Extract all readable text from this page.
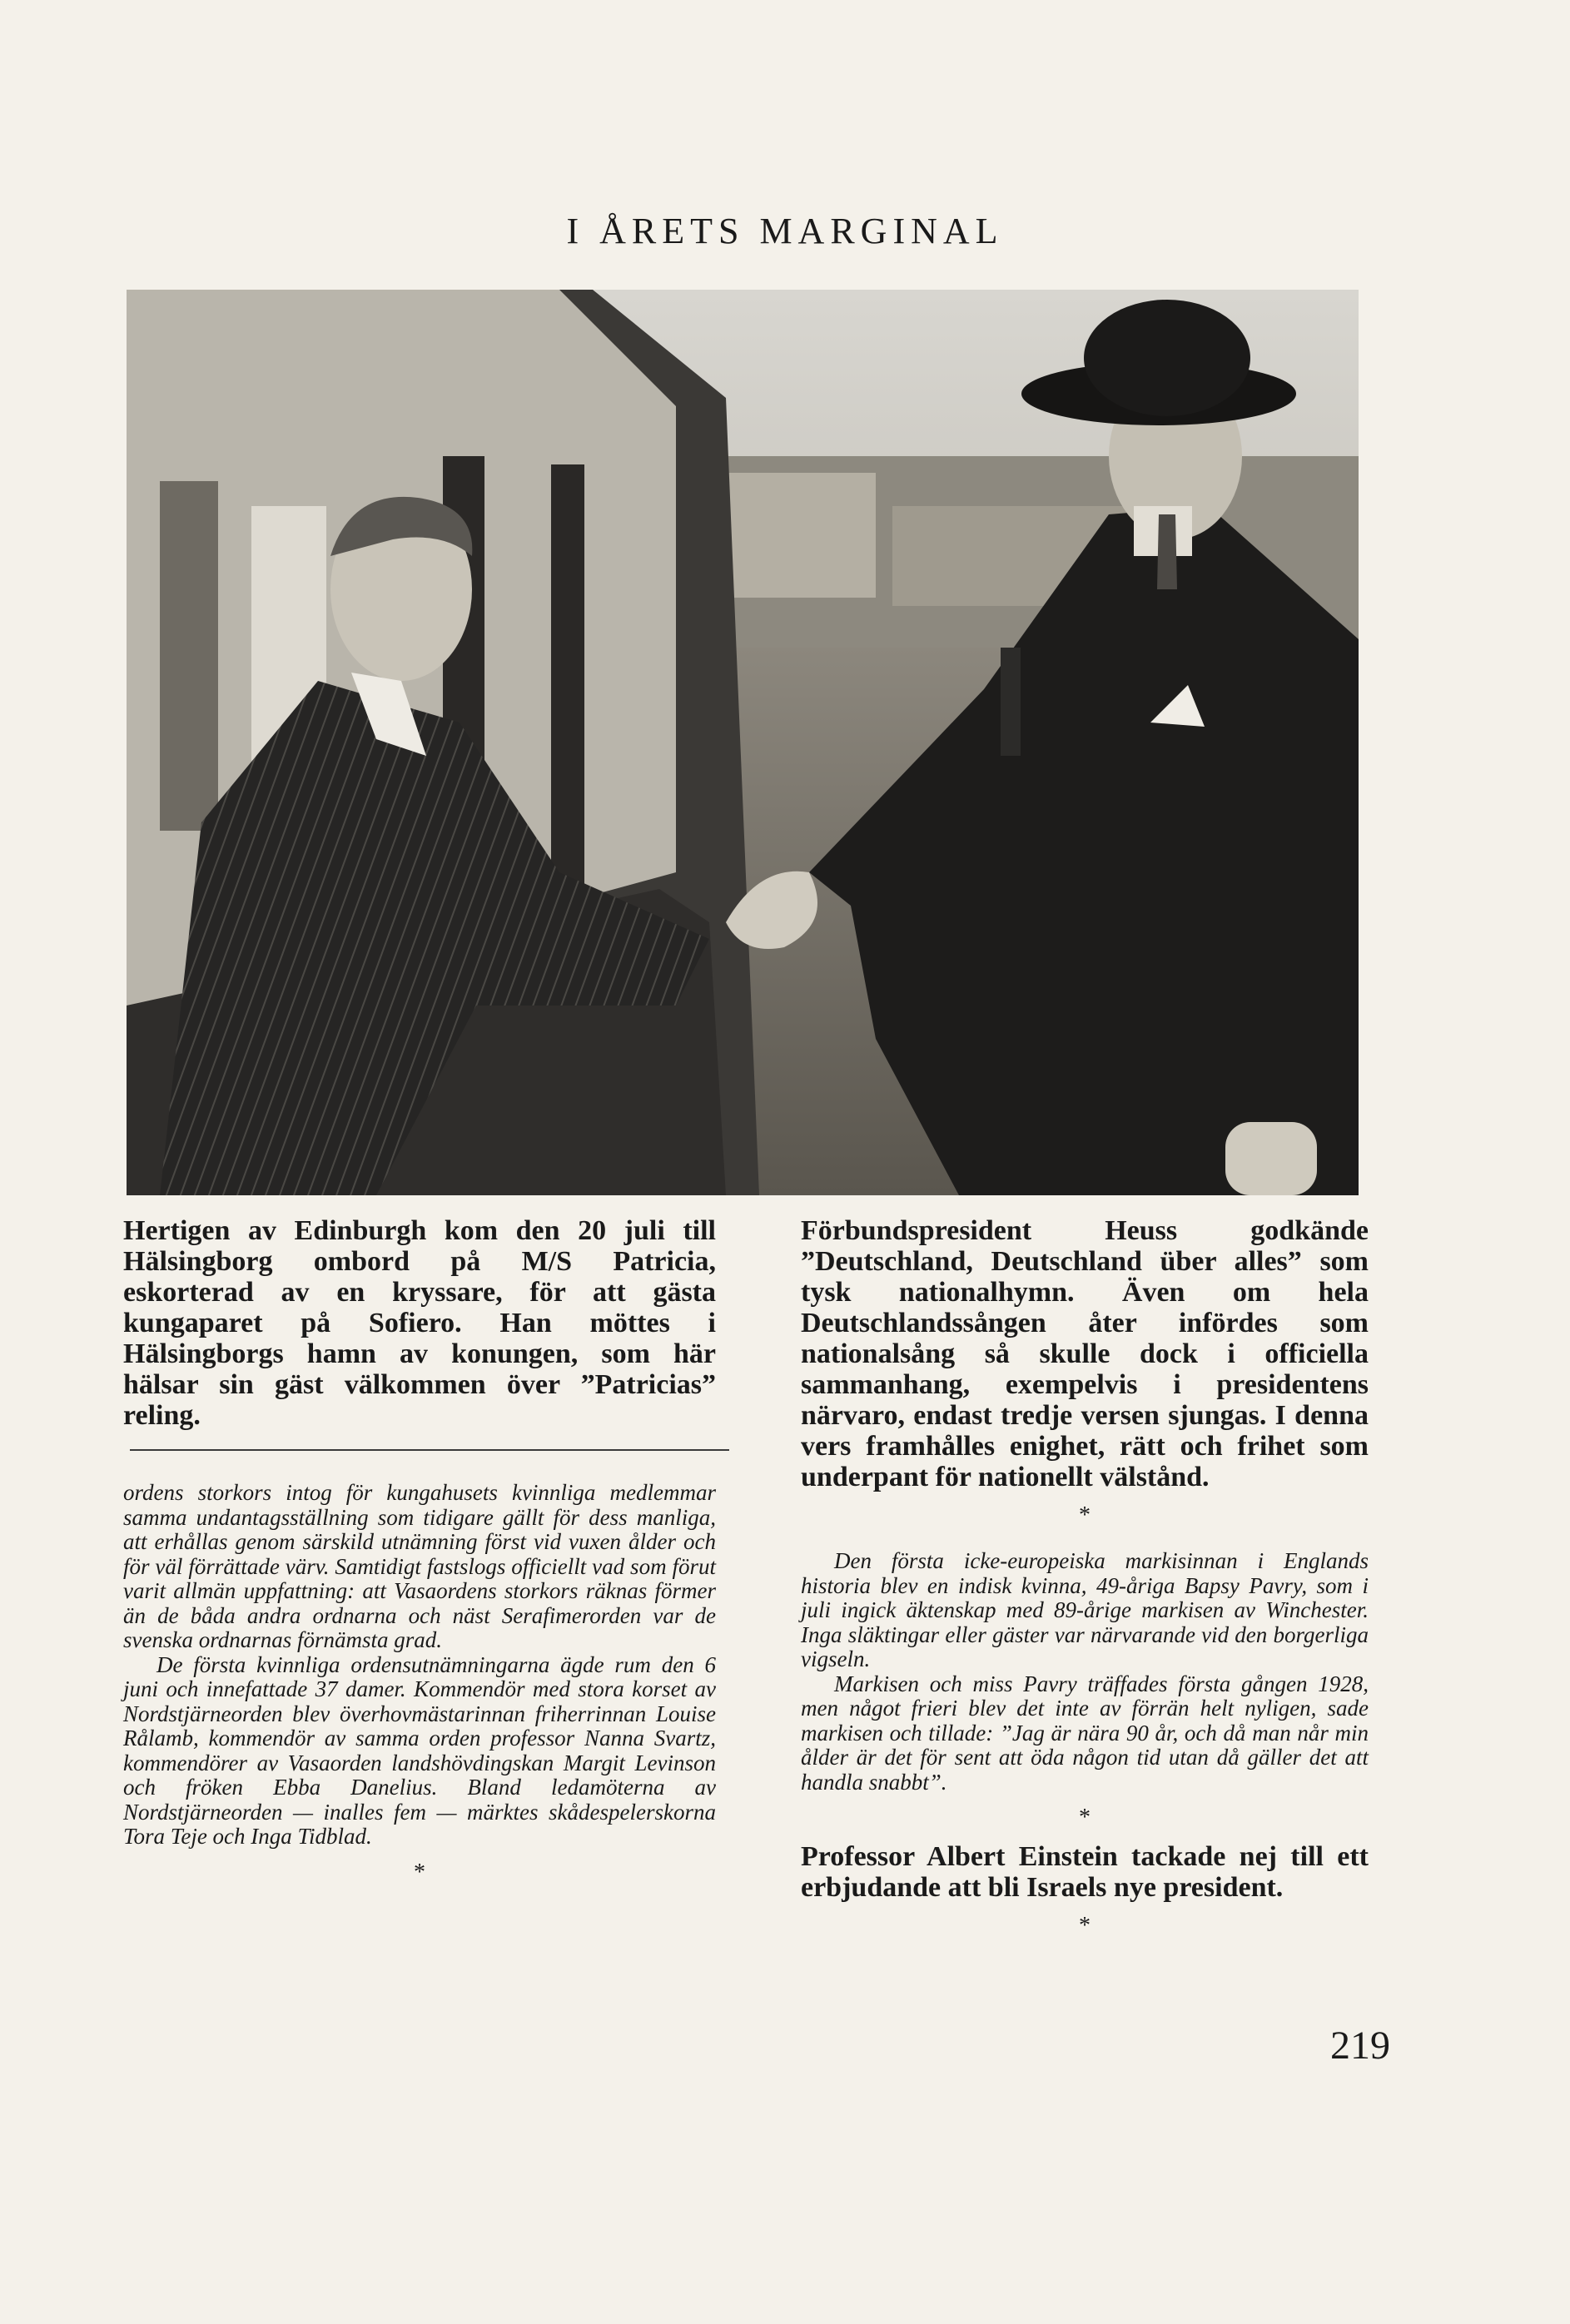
I ÅRETS MARGINAL

Hertigen av Edinburgh kom den 20 juli till Hälsingborg ombord på M/S Patricia, eskorterad av en kryssare, för att gästa kungaparet på Sofiero. Han möttes i Hälsingborgs hamn av konungen, som här hälsar sin gäst välkommen över ”Patricias” reling.

ordens storkors intog för kungahusets kvinnliga medlemmar samma undantagsställning som tidigare gällt för dess manliga, att erhållas genom särskild utnämning först vid vuxen ålder och för väl förrättade värv. Samtidigt fastslogs officiellt vad som förut varit allmän uppfattning: att Vasaordens storkors räknas förmer än de båda andra ordnarna och näst Serafimerorden var de svenska ordnarnas förnämsta grad.

De första kvinnliga ordensutnämningarna ägde rum den 6 juni och innefattade 37 damer. Kommendör med stora korset av Nordstjärneorden blev överhovmästarinnan friherrinnan Louise Rålamb, kommendör av samma orden professor Nanna Svartz, kommendörer av Vasaorden landshövdingskan Margit Levinson och fröken Ebba Danelius. Bland ledamöterna av Nordstjärneorden — inalles fem — märktes skådespelerskorna Tora Teje och Inga Tidblad.

*

Förbundspresident Heuss godkände ”Deutschland, Deutschland über alles” som tysk nationalhymn. Även om hela Deutschlandssången åter infördes som nationalsång så skulle dock i officiella sammanhang, exempelvis i presidentens närvaro, endast tredje versen sjungas. I denna vers framhålles enighet, rätt och frihet som underpant för nationellt välstånd.

*

Den första icke-europeiska markisinnan i Englands historia blev en indisk kvinna, 49-åriga Bapsy Pavry, som i juli ingick äktenskap med 89-årige markisen av Winchester. Inga släktingar eller gäster var närvarande vid den borgerliga vigseln.

Markisen och miss Pavry träffades första gången 1928, men något frieri blev det inte av förrän helt nyligen, sade markisen och tillade: ”Jag är nära 90 år, och då man når min ålder är det för sent att öda någon tid utan då gäller det att handla snabbt”.

*

Professor Albert Einstein tackade nej till ett erbjudande att bli Israels nye president.

*
219
